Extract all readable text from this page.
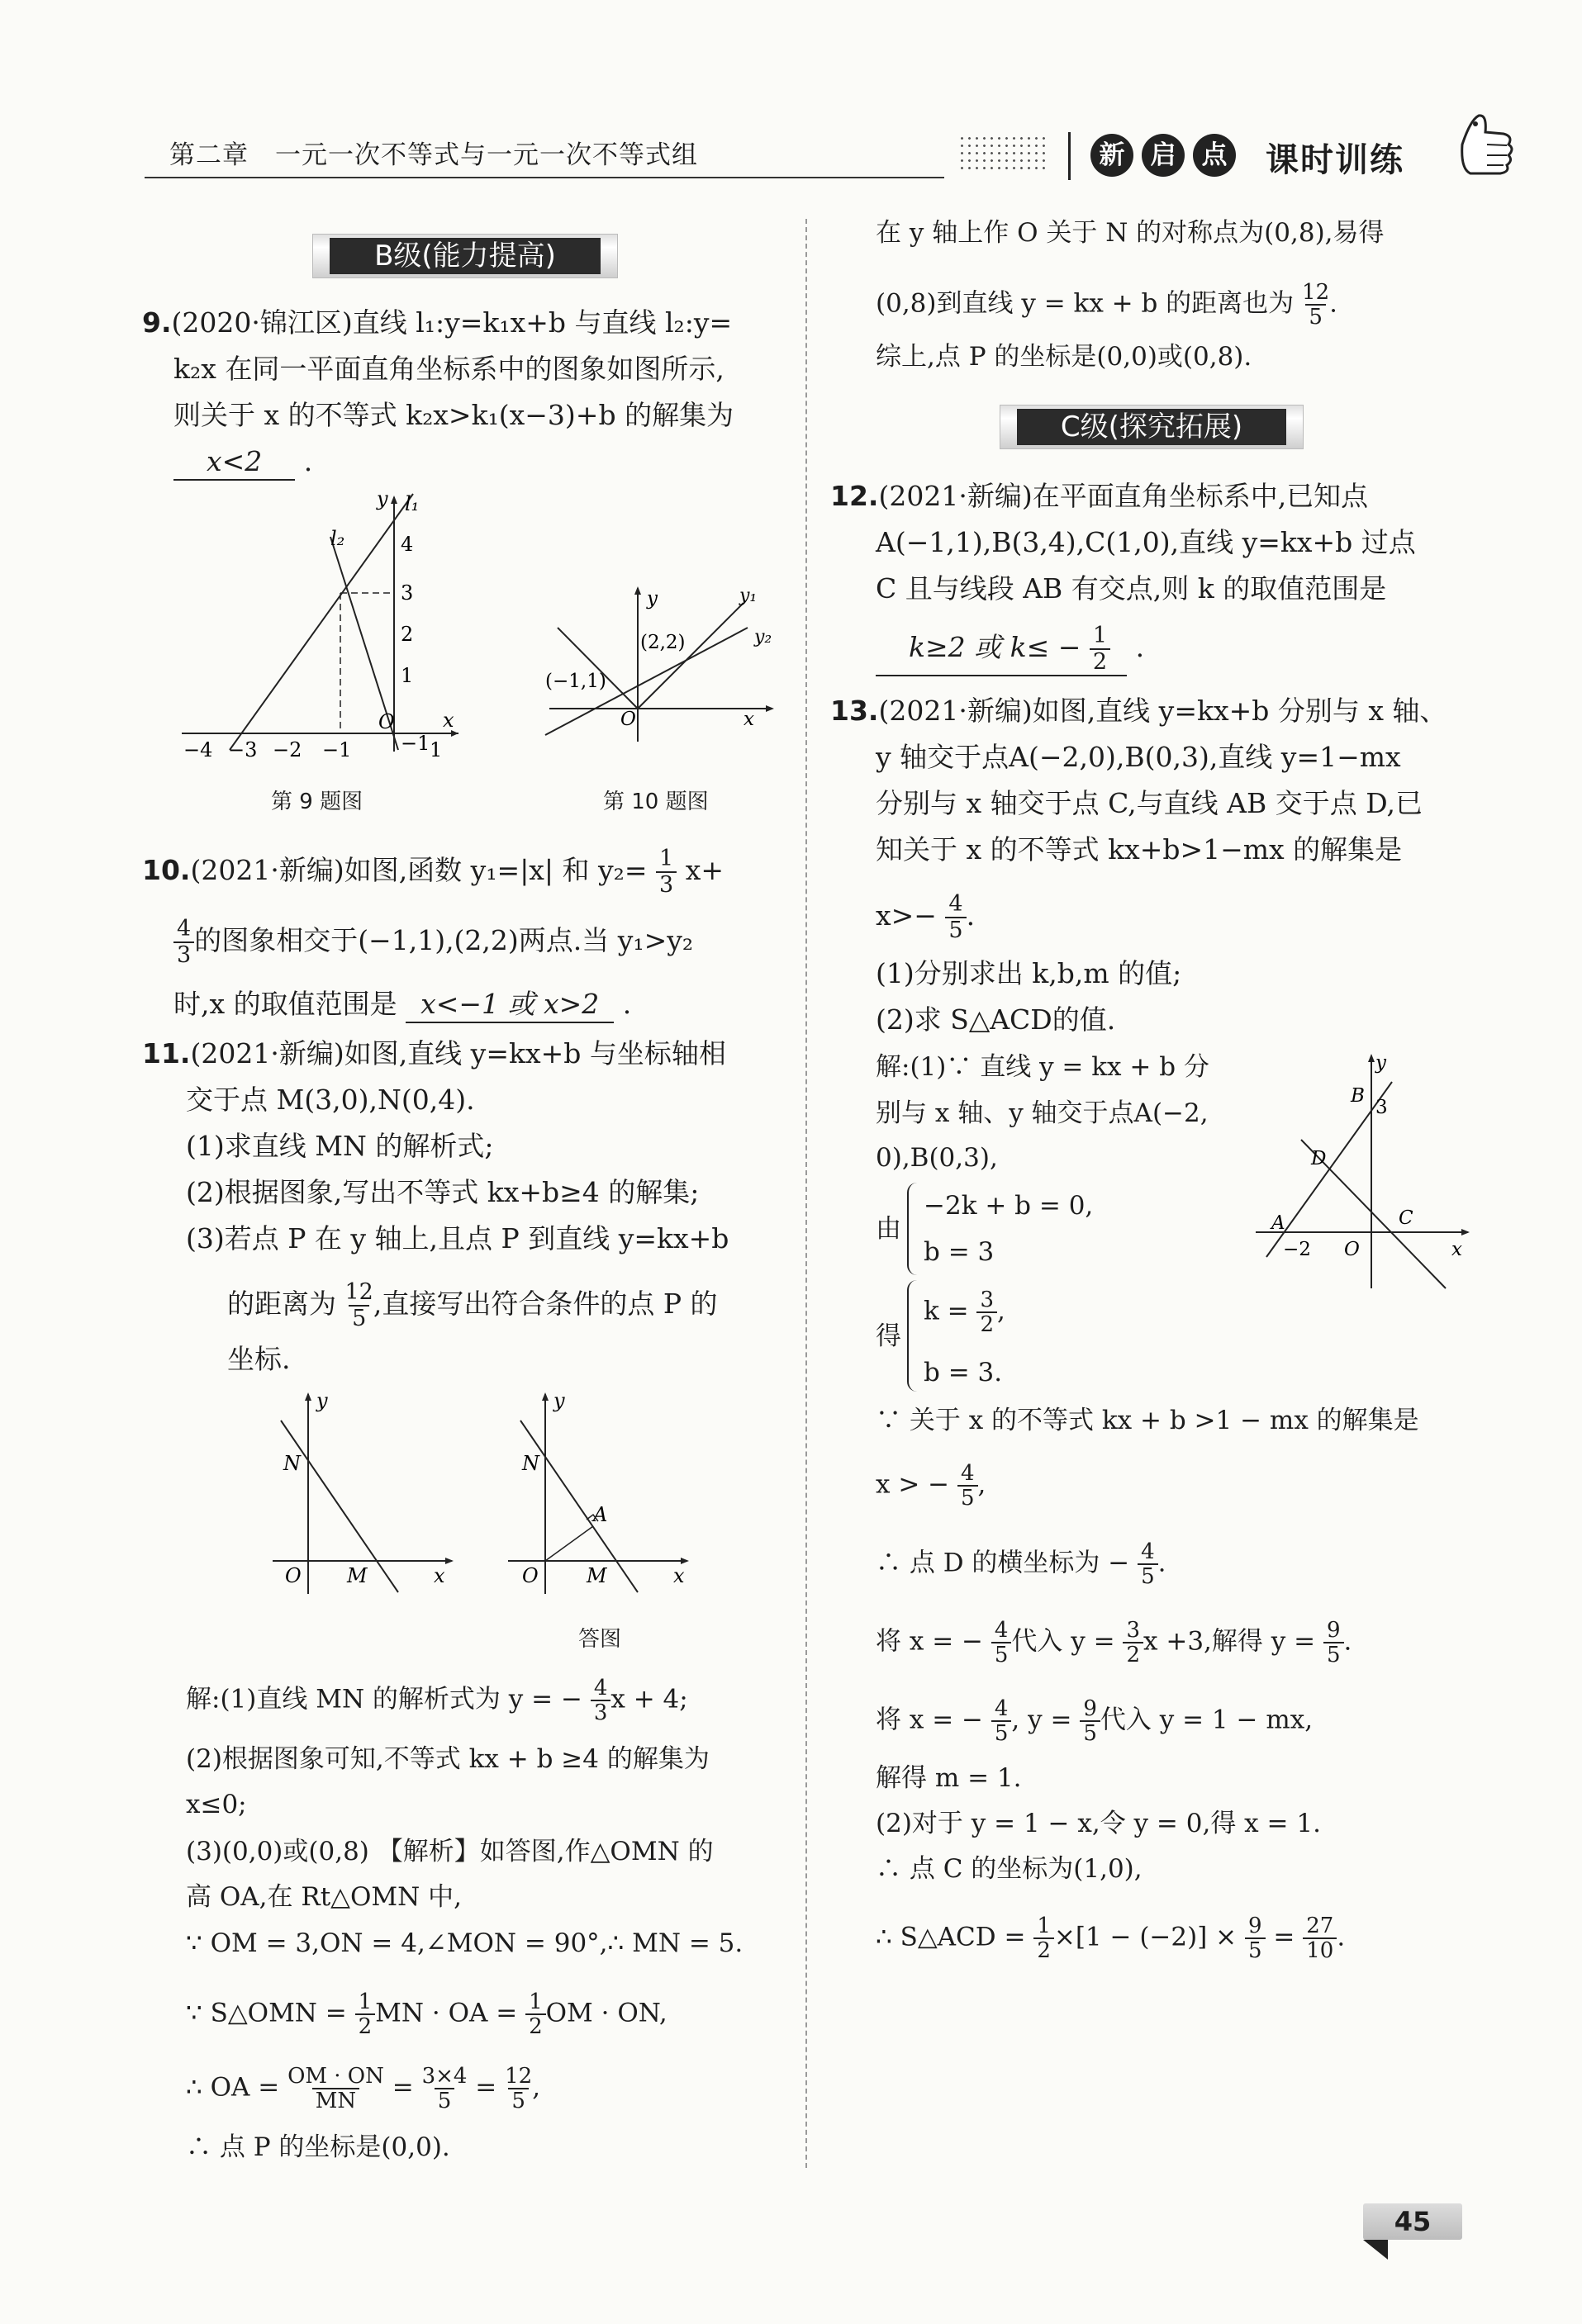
第二章　一元一次不等式与一元一次不等式组	新	启	点 课时训练
B级(能力提高)
9.(2020·锦江区)直线 l₁:y=k₁x+b 与直线 l₂:y=
k₂x 在同一平面直角坐标系中的图象如图所示,
则关于 x 的不等式 k₂x>k₁(x−3)+b 的解集为
x<2 .
l₁
l₂
y
x
O
4
3
2
1
−1
−4 −3 −2 −1	1
第 9 题图
y	y₁
y₂
(2,2)
(−1,1)
O	x
第 10 题图
10.(2021·新编)如图,函数 y₁=|x| 和 $y_2= \frac{1}{3} x+$
$\frac{4}{3}$ 的图象相交于(−1,1),(2,2)两点.当 y₁>y₂
时,x 的取值范围是 x<−1 或 x>2 .
11.(2021·新编)如图,直线 y=kx+b 与坐标轴相
交于点 M(3,0),N(0,4).
(1)求直线 MN 的解析式;
(2)根据图象,写出不等式 kx+b≥4 的解集;
(3)若点 P 在 y 轴上,且点 P 到直线 y=kx+b
的距离为 $\frac{12}{5}$ ,直接写出符合条件的点 P 的
坐标.
y
N
O M	x
y
N
A
O M	x
答图
解:(1)直线 MN 的解析式为 y = − $\frac{4}{3}$ x + 4;
(2)根据图象可知,不等式 kx + b ≥4 的解集为
x≤0;
(3)(0,0)或(0,8) 【解析】如答图,作△OMN 的
高 OA,在 Rt△OMN 中,
∵ OM = 3,ON = 4,∠MON = 90°,∴ MN = 5.
∵ S△OMN = $\frac{1}{2}$ MN · OA = $\frac{1}{2}$ OM · ON,
∴ OA = $\frac{OM \cdot ON}{MN} = \frac{3\times 4}{5} = \frac{12}{5}$ ,
∴ 点 P 的坐标是(0,0).
在 y 轴上作 O 关于 N 的对称点为(0,8),易得
(0,8)到直线 y = kx + b 的距离也为 $\frac{12}{5}$ .
综上,点 P 的坐标是(0,0)或(0,8).
C级(探究拓展)
12.(2021·新编)在平面直角坐标系中,已知点
A(−1,1),B(3,4),C(1,0),直线 y=kx+b 过点
C 且与线段 AB 有交点,则 k 的取值范围是
k≥2 或 $k\le - \frac{1}{2}$ .
13.(2021·新编)如图,直线 y=kx+b 分别与 x 轴、
y 轴交于点A(−2,0),B(0,3),直线 y=1−mx
分别与 x 轴交于点 C,与直线 AB 交于点 D,已
知关于 x 的不等式 kx+b>1−mx 的解集是
$x>- \frac{4}{5}$ .
(1)分别求出 k,b,m 的值;
(2)求 S△ACD的值.
解:(1)∵ 直线 y = kx + b 分
别与 x 轴、y 轴交于点A(−2,
0),B(0,3),
由
−2k + b = 0,
b = 3
得
$k = \frac{3}{2}$ ,
b = 3.
y
B
3
D
A	C
−2 O	x
∵ 关于 x 的不等式 kx + b >1 − mx 的解集是
x > − $\frac{4}{5}$ ,
∴ 点 D 的横坐标为 − $\frac{4}{5}$ .
将 x = − $\frac{4}{5}$ 代入 $y = \frac{3}{2}$ x +3,解得 $y = \frac{9}{5}$ .
将 x = − $\frac{4}{5}$ , $y = \frac{9}{5}$ 代入 y = 1 − mx,
解得 m = 1.
(2)对于 y = 1 − x,令 y = 0,得 x = 1.
∴ 点 C 的坐标为(1,0),
∴ S△ACD = $\frac{1}{2} \times[1 - (-2)] \times \frac{9}{5} = \frac{27}{10}$ .
45
